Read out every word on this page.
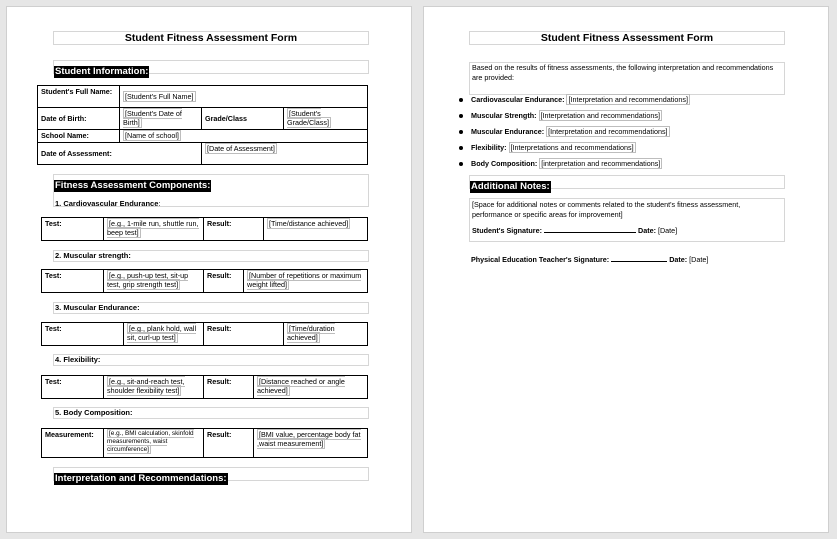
Student Fitness Assessment Form
Student Information:
Student's Full Name:	[Student's Full Name]		
Date of Birth:	[Student's Date of Birth]	Grade/Class	[Student's Grade/Class]
School Name:	[Name of school]		
Date of Assessment:		[Date of Assessment]	
Fitness Assessment Components:
1. Cardiovascular Endurance:
Test:	[e.g., 1-mile run, shuttle run, beep test]	Result:	[Time/distance achieved]
2. Muscular strength:
Test:	[e.g., push-up test, sit-up test, grip strength test]	Result:	[Number of repetitions or maximum weight lifted]
3. Muscular Endurance:
Test:	[e.g., plank hold, wall sit, curl-up test]	Result:	[Time/duration achieved]
4. Flexibility:
Test:	[e.g., sit-and-reach test, shoulder flexibility test]	Result:	[Distance reached or angle achieved]
5. Body Composition:
Measurement:	[e.g., BMI calculation, skinfold measurements, waist circumference]	Result:	[BMI value, percentage body fat ,waist measurement]
Interpretation and Recommendations:
Student Fitness Assessment Form
Based on the results of fitness assessments, the following interpretation and recommendations are provided:
Cardiovascular Endurance: [Interpretation and recommendations]
Muscular Strength: [Interpretation and recommendations]
Muscular Endurance: [Interpretation and recommendations]
Flexibility: [Interpretations and recommendations]
Body Composition: [interpretation and recommendations]
Additional Notes:
[Space for additional notes or comments related to the student's fitness assessment, performance or specific areas for improvement]
Student's Signature:	Date: [Date]
Physical Education Teacher's Signature:	Date: [Date]
